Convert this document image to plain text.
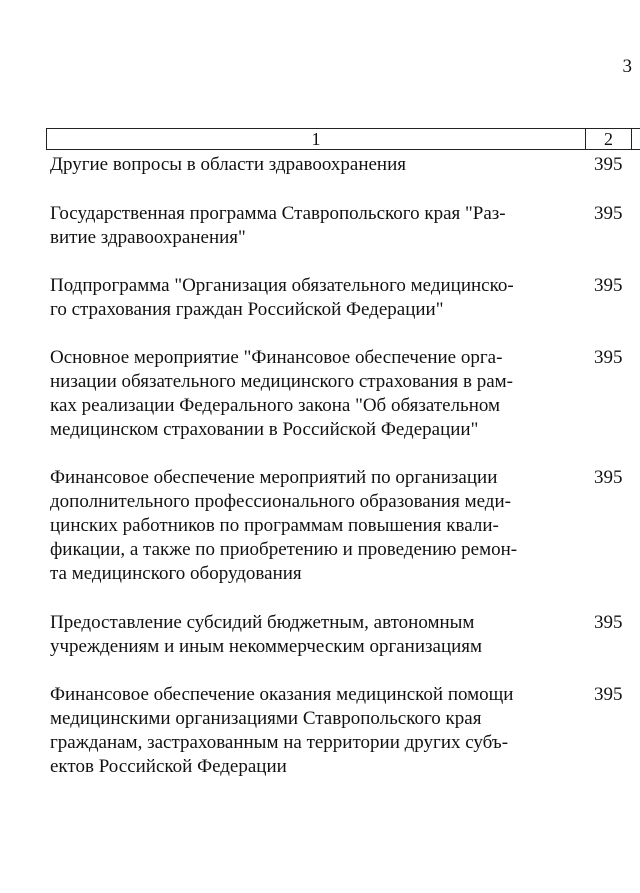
3
1	2
Другие вопросы в области здравоохранения	395
Государственная программа Ставропольского края "Раз-
витие здравоохранения"
395
Подпрограмма "Организация обязательного медицинско-
го страхования граждан Российской Федерации"
395
Основное мероприятие "Финансовое обеспечение орга-
низации обязательного медицинского страхования в рам-
ках реализации Федерального закона "Об обязательном
медицинском страховании в Российской Федерации"
395
Финансовое обеспечение мероприятий по организации
дополнительного профессионального образования меди-
цинских работников по программам повышения квали-
фикации, а также по приобретению и проведению ремон-
та медицинского оборудования
395
Предоставление субсидий бюджетным, автономным
учреждениям и иным некоммерческим организациям
395
Финансовое обеспечение оказания медицинской помощи
медицинскими организациями Ставропольского края
гражданам, застрахованным на территории других субъ-
ектов Российской Федерации
395
